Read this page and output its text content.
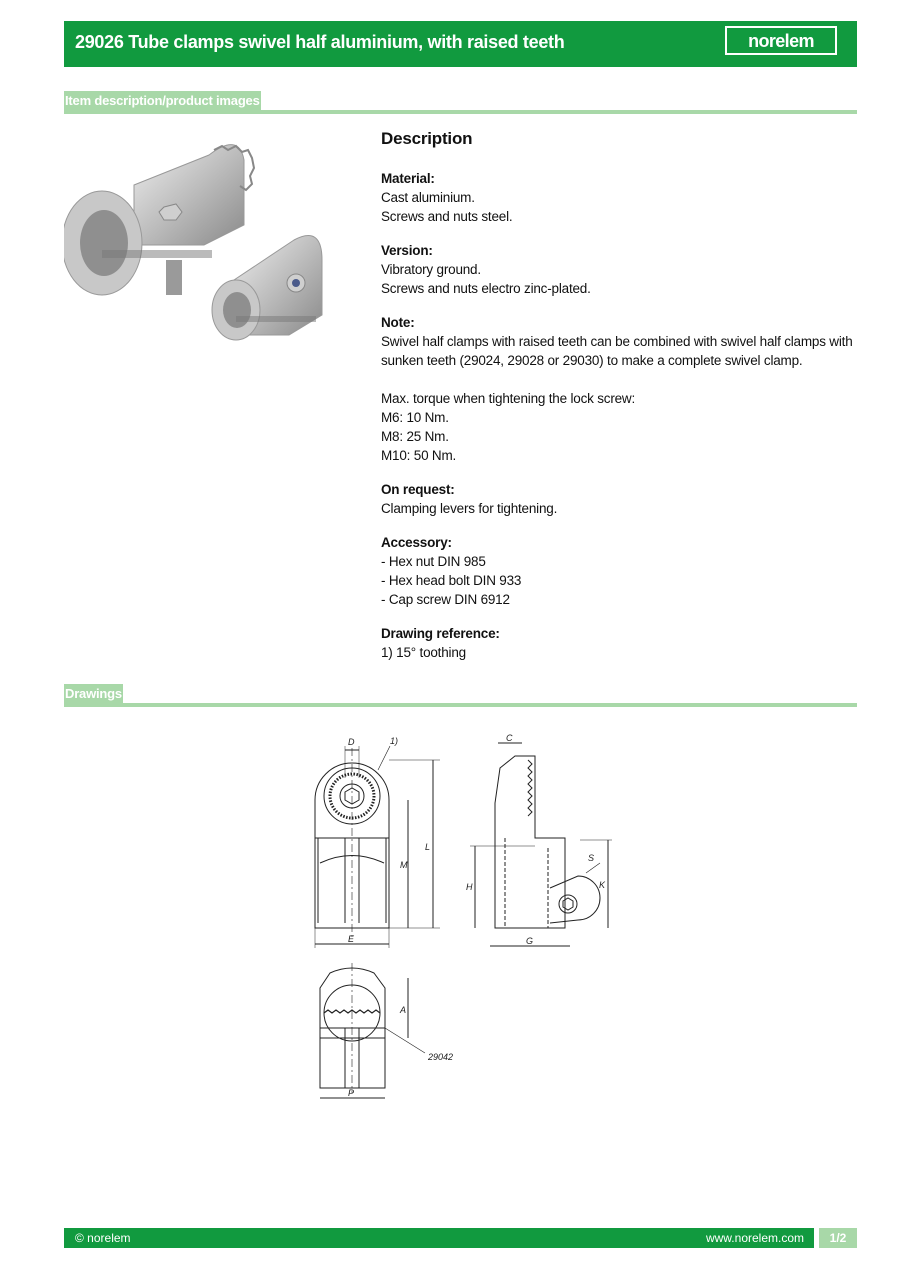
29026 Tube clamps swivel half aluminium, with raised teeth	norelem
Item description/product images
Description
Material:
Cast aluminium.
Screws and nuts steel.
Version:
Vibratory ground.
Screws and nuts electro zinc-plated.
Note:
Swivel half clamps with raised teeth can be combined with swivel half clamps with sunken teeth (29024, 29028 or 29030) to make a complete swivel clamp.
Max. torque when tightening the lock screw:
M6: 10 Nm.
M8: 25 Nm.
M10: 50 Nm.
On request:
Clamping levers for tightening.
Accessory:
- Hex nut DIN 985
- Hex head bolt DIN 933
- Cap screw DIN 6912
Drawing reference:
1) 15° toothing
Drawings
D	1)
M
L
E
C
S
H	K
G
A
P
29042
© norelem	www.norelem.com	1/2
